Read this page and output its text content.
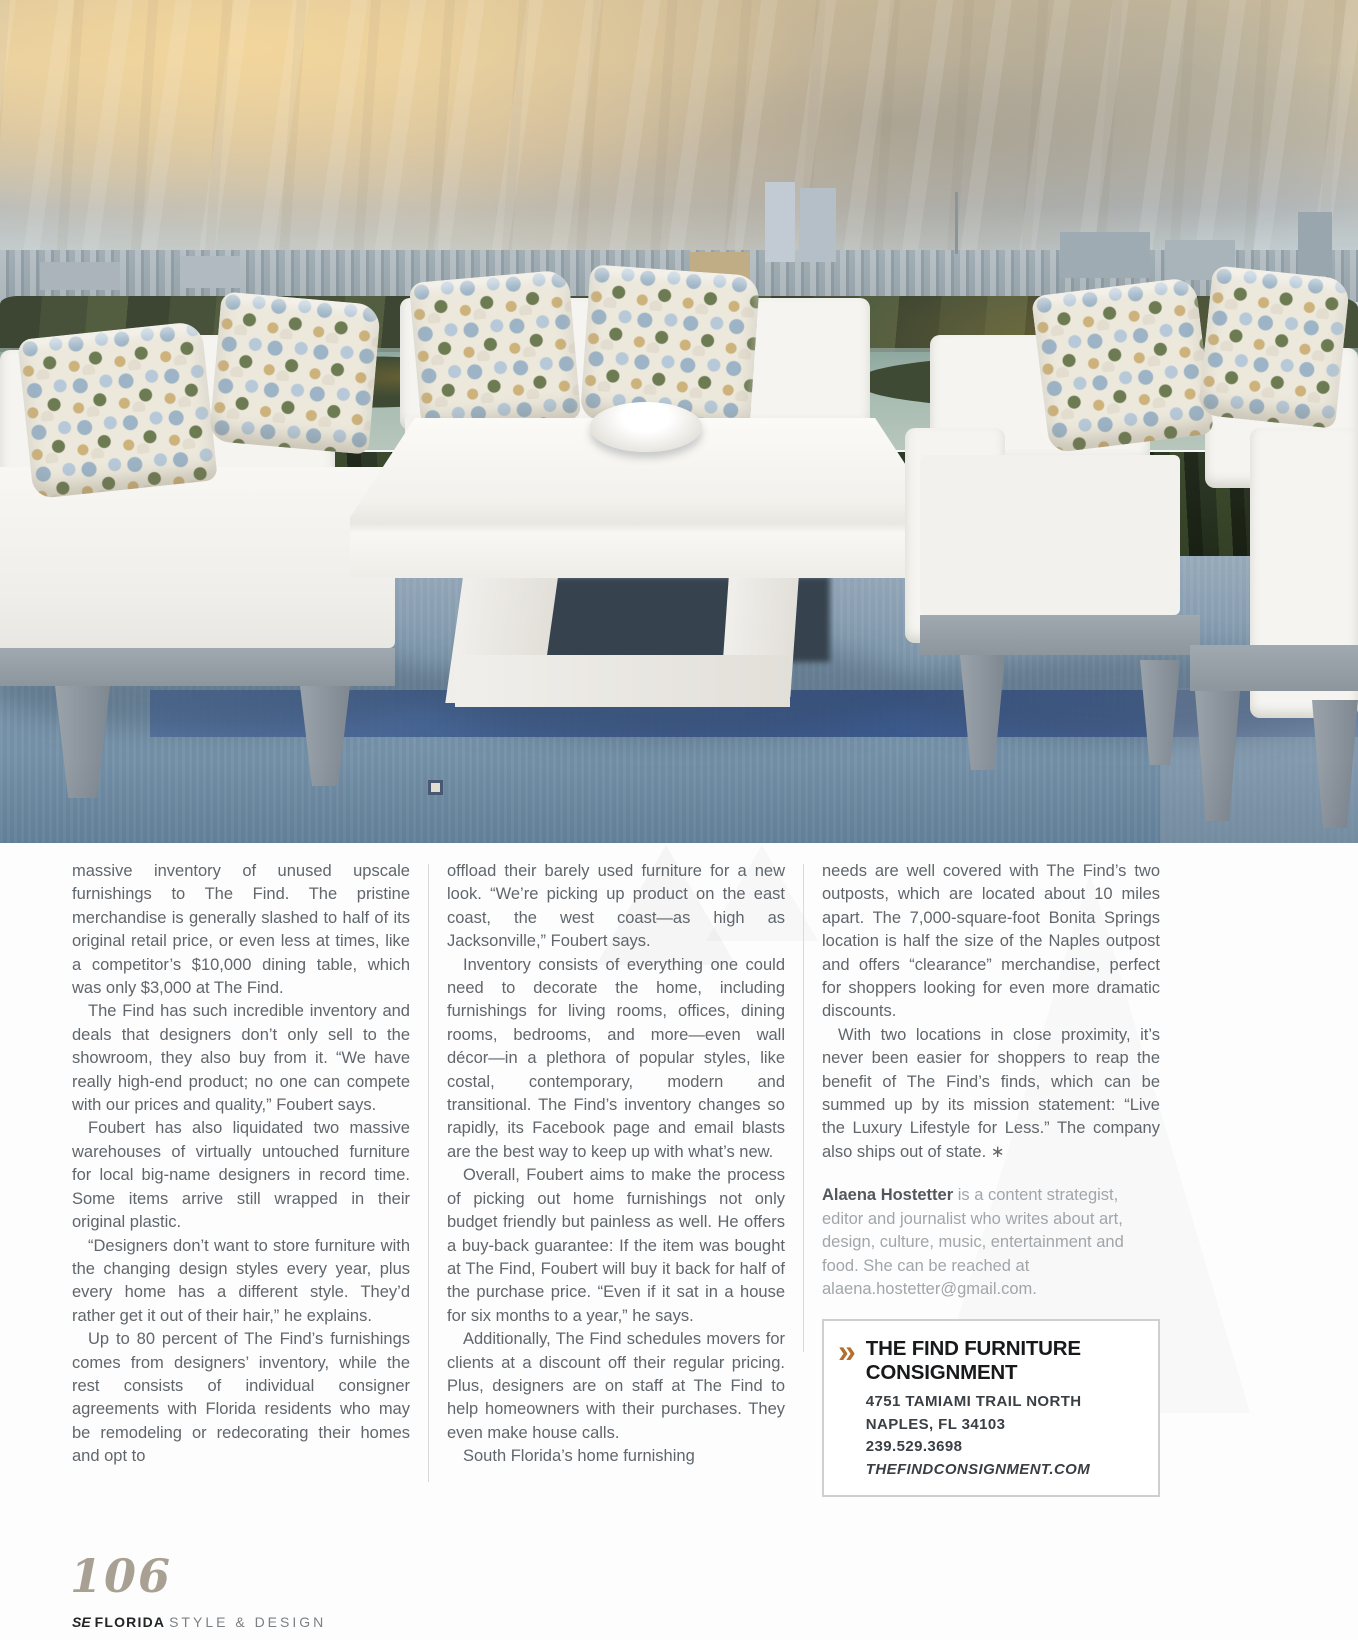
massive inventory of unused upscale furnishings to The Find. The pristine merchandise is generally slashed to half of its original retail price, or even less at times, like a competitor’s $10,000 dining table, which was only $3,000 at The Find.

The Find has such incredible inventory and deals that designers don’t only sell to the showroom, they also buy from it. “We have really high-end product; no one can compete with our prices and quality,” Foubert says.

Foubert has also liquidated two massive warehouses of virtually untouched furniture for local big-name designers in record time. Some items arrive still wrapped in their original plastic.

“Designers don’t want to store furniture with the changing design styles every year, plus every home has a different style. They’d rather get it out of their hair,” he explains.

Up to 80 percent of The Find’s furnishings comes from designers’ inventory, while the rest consists of individual consigner agreements with Florida residents who may be remodeling or redecorating their homes and opt to

offload their barely used furniture for a new look. “We’re picking up product on the east coast, the west coast—as high as Jacksonville,” Foubert says.

Inventory consists of everything one could need to decorate the home, including furnishings for living rooms, offices, dining rooms, bedrooms, and more—even wall décor—in a plethora of popular styles, like costal, contemporary, modern and transitional. The Find’s inventory changes so rapidly, its Facebook page and email blasts are the best way to keep up with what’s new.

Overall, Foubert aims to make the process of picking out home furnishings not only budget friendly but painless as well. He offers a buy-back guarantee: If the item was bought at The Find, Foubert will buy it back for half of the purchase price. “Even if it sat in a house for six months to a year,” he says.

Additionally, The Find schedules movers for clients at a discount off their regular pricing. Plus, designers are on staff at The Find to help homeowners with their purchases. They even make house calls.

South Florida’s home furnishing

needs are well covered with The Find’s two outposts, which are located about 10 miles apart. The 7,000-square-foot Bonita Springs location is half the size of the Naples outpost and offers “clearance” merchandise, perfect for shoppers looking for even more dramatic discounts.

With two locations in close proximity, it’s never been easier for shoppers to reap the benefit of The Find’s finds, which can be summed up by its mission statement: “Live the Luxury Lifestyle for Less.” The company also ships out of state. ∗

Alaena Hostetter is a content strategist, editor and journalist who writes about art, design, culture, music, entertainment and food. She can be reached at alaena.hostetter@gmail.com.

» THE FIND FURNITURE CONSIGNMENT
4751 TAMIAMI TRAIL NORTH
NAPLES, FL 34103
239.529.3698
THEFINDCONSIGNMENT.COM
106
SE FLORIDA STYLE & DESIGN
